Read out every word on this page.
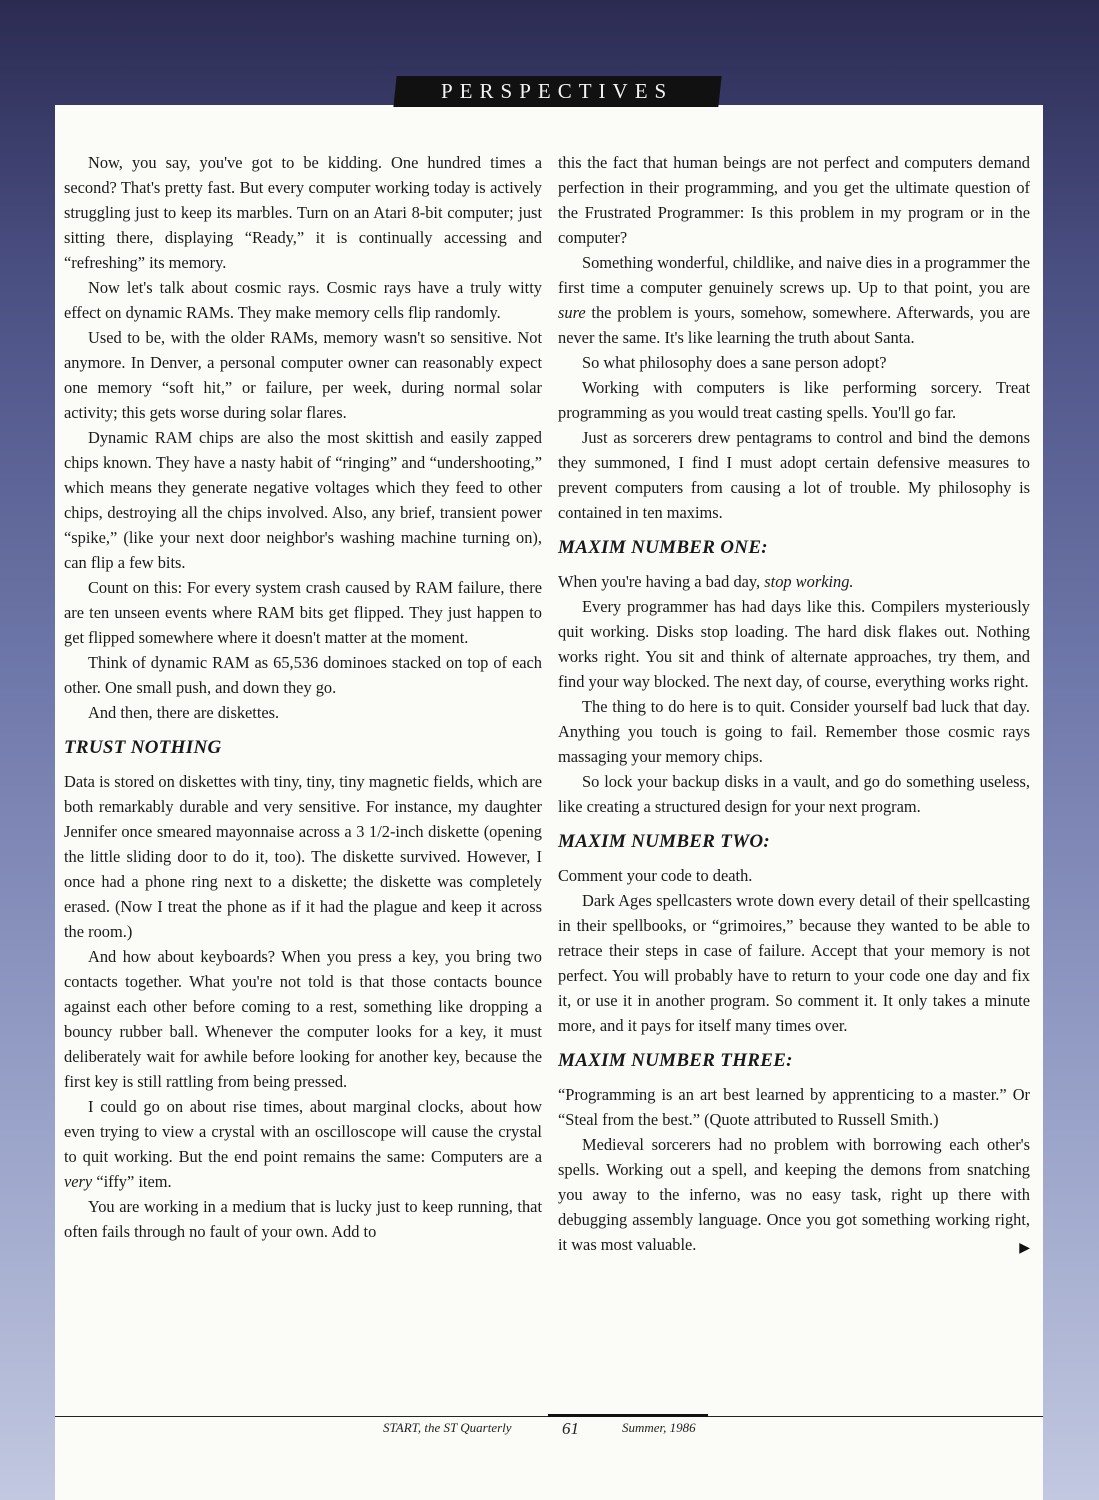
PERSPECTIVES

Now, you say, you've got to be kidding. One hundred times a second? That's pretty fast. But every computer working today is actively struggling just to keep its marbles. Turn on an Atari 8-bit computer; just sitting there, displaying “Ready,” it is continually accessing and “refreshing” its memory.

Now let's talk about cosmic rays. Cosmic rays have a truly witty effect on dynamic RAMs. They make memory cells flip randomly.

Used to be, with the older RAMs, memory wasn't so sensitive. Not anymore. In Denver, a personal computer owner can reasonably expect one memory “soft hit,” or failure, per week, during normal solar activity; this gets worse during solar flares.

Dynamic RAM chips are also the most skittish and easily zapped chips known. They have a nasty habit of “ringing” and “undershooting,” which means they generate negative voltages which they feed to other chips, destroying all the chips involved. Also, any brief, transient power “spike,” (like your next door neighbor's washing machine turning on), can flip a few bits.

Count on this: For every system crash caused by RAM failure, there are ten unseen events where RAM bits get flipped. They just happen to get flipped somewhere where it doesn't matter at the moment.

Think of dynamic RAM as 65,536 dominoes stacked on top of each other. One small push, and down they go.

And then, there are diskettes.

TRUST NOTHING

Data is stored on diskettes with tiny, tiny, tiny magnetic fields, which are both remarkably durable and very sensitive. For instance, my daughter Jennifer once smeared mayonnaise across a 3 1/2-inch diskette (opening the little sliding door to do it, too). The diskette survived. However, I once had a phone ring next to a diskette; the diskette was completely erased. (Now I treat the phone as if it had the plague and keep it across the room.)

And how about keyboards? When you press a key, you bring two contacts together. What you're not told is that those contacts bounce against each other before coming to a rest, something like dropping a bouncy rubber ball. Whenever the computer looks for a key, it must deliberately wait for awhile before looking for another key, because the first key is still rattling from being pressed.

I could go on about rise times, about marginal clocks, about how even trying to view a crystal with an oscilloscope will cause the crystal to quit working. But the end point remains the same: Computers are a very “iffy” item.

You are working in a medium that is lucky just to keep running, that often fails through no fault of your own. Add to

this the fact that human beings are not perfect and computers demand perfection in their programming, and you get the ultimate question of the Frustrated Programmer: Is this problem in my program or in the computer?

Something wonderful, childlike, and naive dies in a programmer the first time a computer genuinely screws up. Up to that point, you are sure the problem is yours, somehow, somewhere. Afterwards, you are never the same. It's like learning the truth about Santa.

So what philosophy does a sane person adopt?

Working with computers is like performing sorcery. Treat programming as you would treat casting spells. You'll go far.

Just as sorcerers drew pentagrams to control and bind the demons they summoned, I find I must adopt certain defensive measures to prevent computers from causing a lot of trouble. My philosophy is contained in ten maxims.

MAXIM NUMBER ONE:

When you're having a bad day, stop working.

Every programmer has had days like this. Compilers mysteriously quit working. Disks stop loading. The hard disk flakes out. Nothing works right. You sit and think of alternate approaches, try them, and find your way blocked. The next day, of course, everything works right.

The thing to do here is to quit. Consider yourself bad luck that day. Anything you touch is going to fail. Remember those cosmic rays massaging your memory chips.

So lock your backup disks in a vault, and go do something useless, like creating a structured design for your next program.

MAXIM NUMBER TWO:

Comment your code to death.

Dark Ages spellcasters wrote down every detail of their spellcasting in their spellbooks, or “grimoires,” because they wanted to be able to retrace their steps in case of failure. Accept that your memory is not perfect. You will probably have to return to your code one day and fix it, or use it in another program. So comment it. It only takes a minute more, and it pays for itself many times over.

MAXIM NUMBER THREE:

“Programming is an art best learned by apprenticing to a master.” Or “Steal from the best.” (Quote attributed to Russell Smith.)

Medieval sorcerers had no problem with borrowing each other's spells. Working out a spell, and keeping the demons from snatching you away to the inferno, was no easy task, right up there with debugging assembly language. Once you got something working right, it was most valuable.	▶

START, the ST Quarterly	61	Summer, 1986
